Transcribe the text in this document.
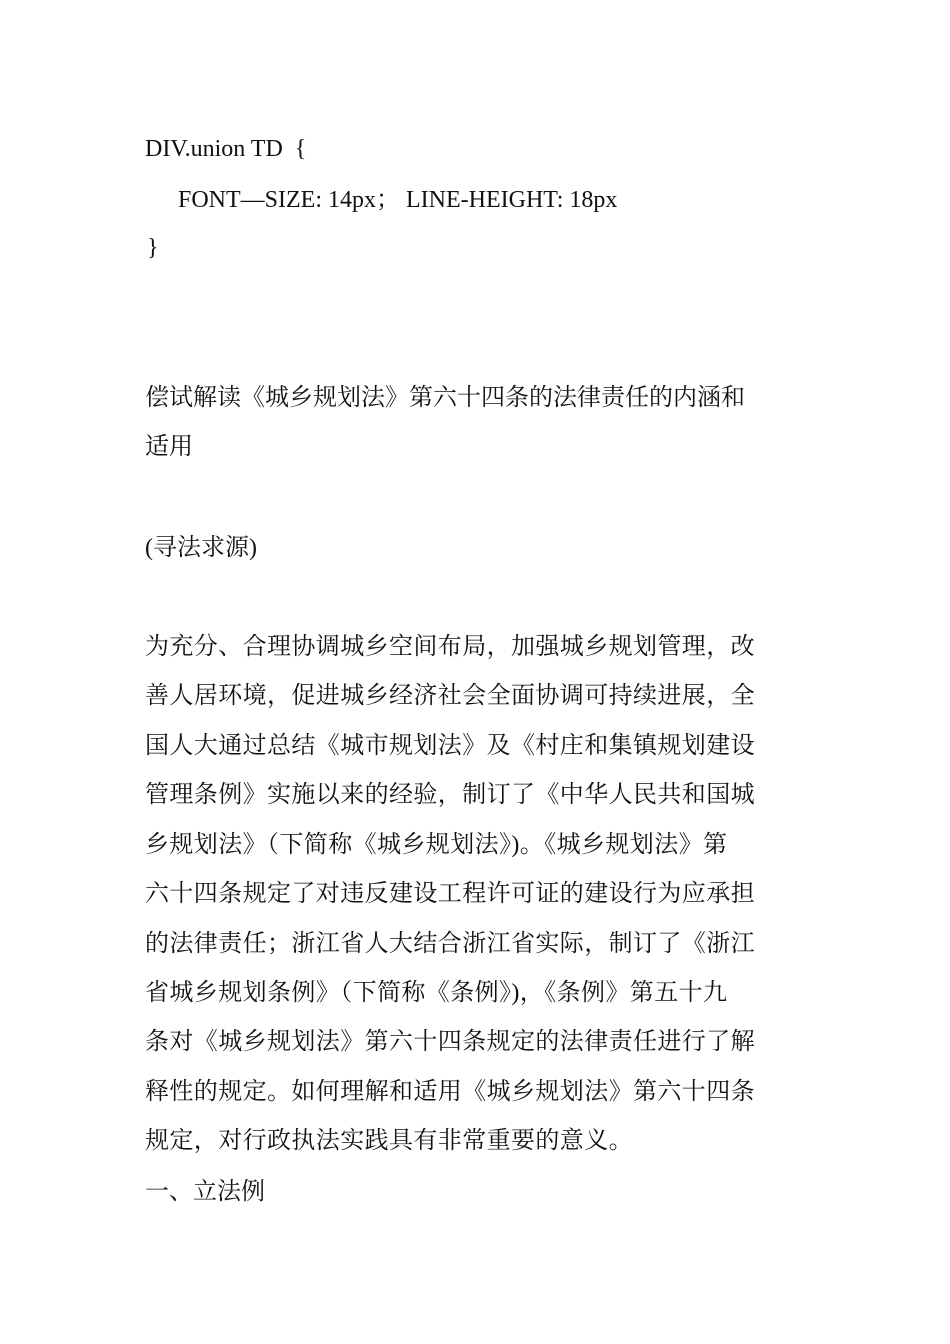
DIV.union TD  {
FONT—SIZE: 14px； LINE-HEIGHT: 18px
}
偿试解读《城乡规划法》第六十四条的法律责任的内涵和
适用
(寻法求源)
为充分、合理协调城乡空间布局，加强城乡规划管理，改
善人居环境，促进城乡经济社会全面协调可持续进展，全
国人大通过总结《城市规划法》及《村庄和集镇规划建设
管理条例》实施以来的经验，制订了《中华人民共和国城
乡规划法》（下简称《城乡规划法》)。《城乡规划法》第
六十四条规定了对违反建设工程许可证的建设行为应承担
的法律责任；浙江省人大结合浙江省实际，制订了《浙江
省城乡规划条例》（下简称《条例》)，《条例》第五十九
条对《城乡规划法》第六十四条规定的法律责任进行了解
释性的规定。如何理解和适用《城乡规划法》第六十四条
规定，对行政执法实践具有非常重要的意义。
一、立法例
